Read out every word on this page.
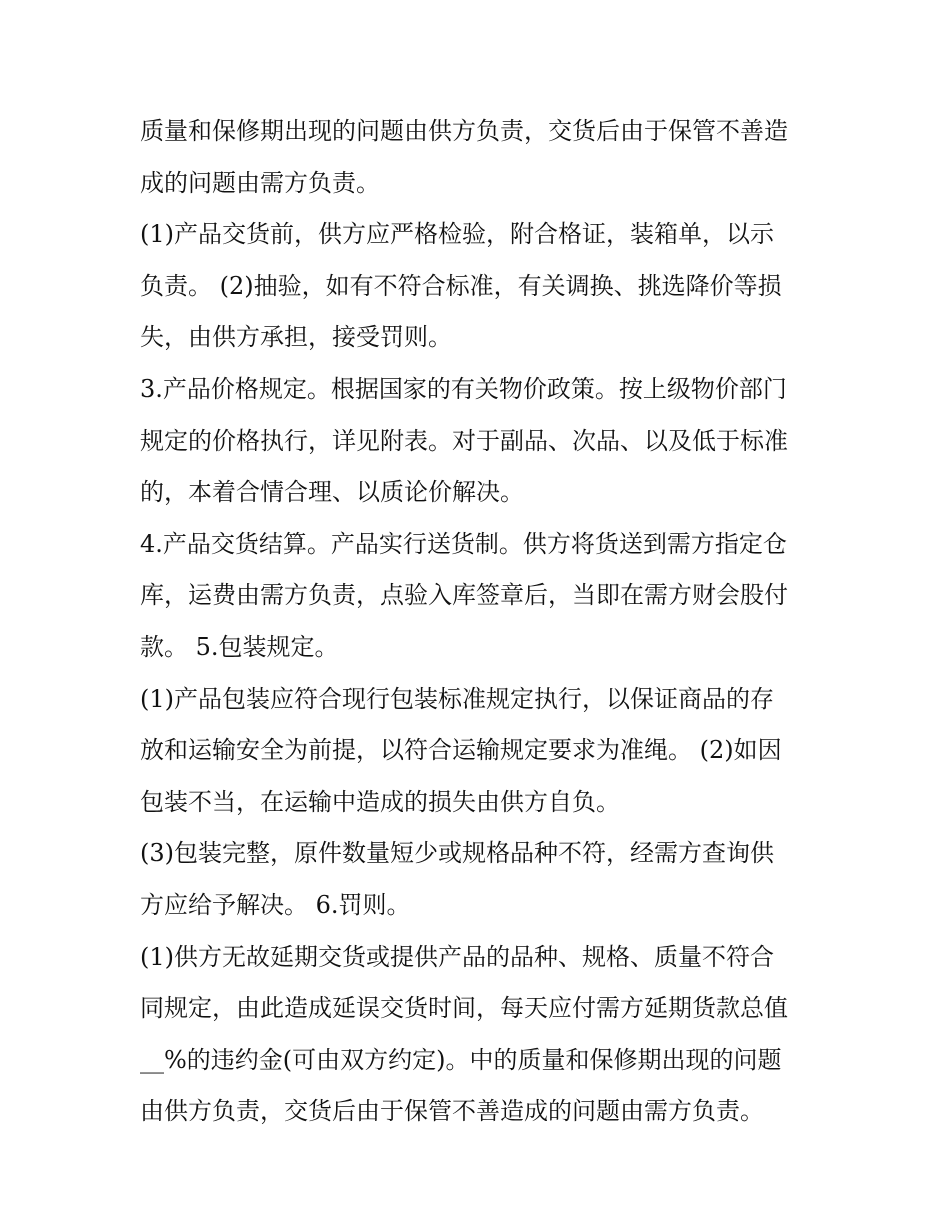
质量和保修期出现的问题由供方负责，交货后由于保管不善造
成的问题由需方负责。
(1)产品交货前，供方应严格检验，附合格证，装箱单，以示
负责。 (2)抽验，如有不符合标准，有关调换、挑选降价等损
失，由供方承担，接受罚则。
3.产品价格规定。根据国家的有关物价政策。按上级物价部门
规定的价格执行，详见附表。对于副品、次品、以及低于标准
的，本着合情合理、以质论价解决。
4.产品交货结算。产品实行送货制。供方将货送到需方指定仓
库，运费由需方负责，点验入库签章后，当即在需方财会股付
款。 5.包装规定。
(1)产品包装应符合现行包装标准规定执行，以保证商品的存
放和运输安全为前提，以符合运输规定要求为准绳。 (2)如因
包装不当，在运输中造成的损失由供方自负。
(3)包装完整，原件数量短少或规格品种不符，经需方查询供
方应给予解决。 6.罚则。
(1)供方无故延期交货或提供产品的品种、规格、质量不符合
同规定，由此造成延误交货时间，每天应付需方延期货款总值
__%的违约金(可由双方约定)。中的质量和保修期出现的问题
由供方负责，交货后由于保管不善造成的问题由需方负责。
